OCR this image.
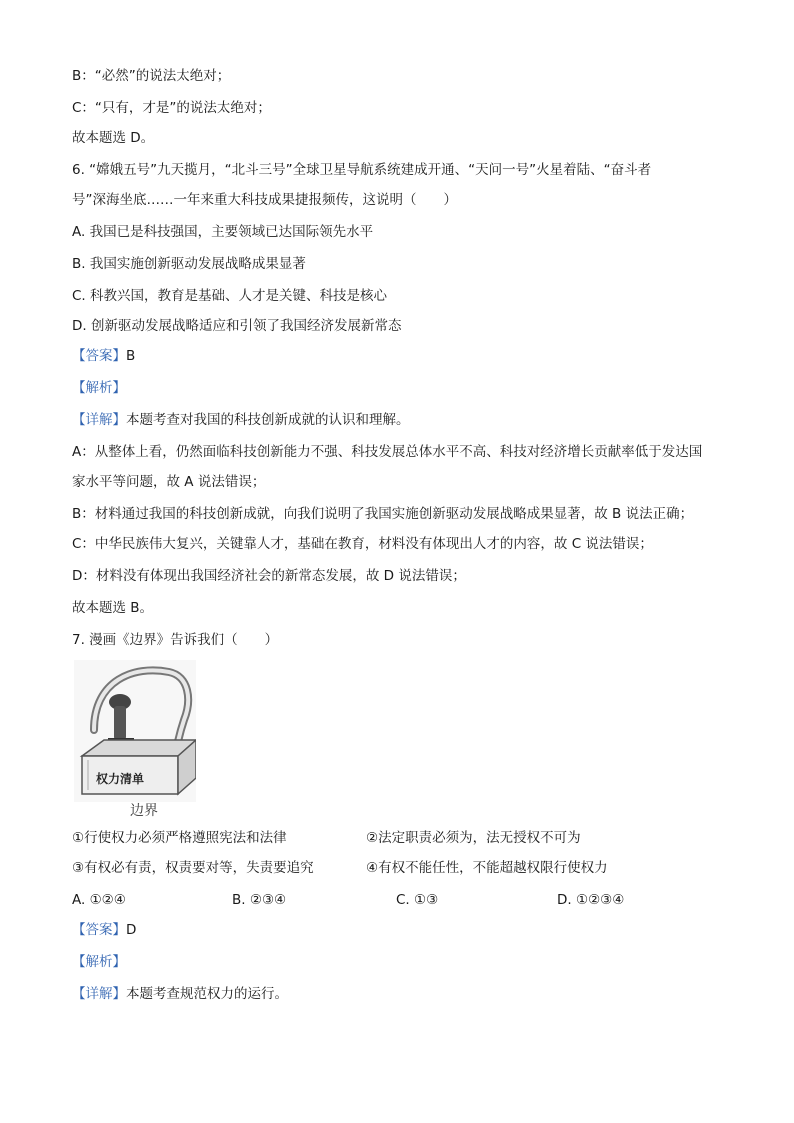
B：“必然”的说法太绝对；
C：“只有，才是”的说法太绝对；
故本题选 D。
6. “嫦娥五号”九天揽月，“北斗三号”全球卫星导航系统建成开通、“天问一号”火星着陆、“奋斗者
号”深海坐底……一年来重大科技成果捷报频传，这说明（　　）
A. 我国已是科技强国，主要领域已达国际领先水平
B. 我国实施创新驱动发展战略成果显著
C. 科教兴国，教育是基础、人才是关键、科技是核心
D. 创新驱动发展战略适应和引领了我国经济发展新常态
【答案】B
【解析】
【详解】本题考查对我国的科技创新成就的认识和理解。
A：从整体上看，仍然面临科技创新能力不强、科技发展总体水平不高、科技对经济增长贡献率低于发达国
家水平等问题，故 A 说法错误；
B：材料通过我国的科技创新成就，向我们说明了我国实施创新驱动发展战略成果显著，故 B 说法正确；
C：中华民族伟大复兴，关键靠人才，基础在教育，材料没有体现出人才的内容，故 C 说法错误；
D：材料没有体现出我国经济社会的新常态发展，故 D 说法错误；
故本题选 B。
7. 漫画《边界》告诉我们（　　）
权力清单
边界
①行使权力必须严格遵照宪法和法律	②法定职责必须为，法无授权不可为
③有权必有责，权责要对等，失责要追究	④有权不能任性，不能超越权限行使权力
A. ①②④	B. ②③④	C. ①③	D. ①②③④
【答案】D
【解析】
【详解】本题考查规范权力的运行。
